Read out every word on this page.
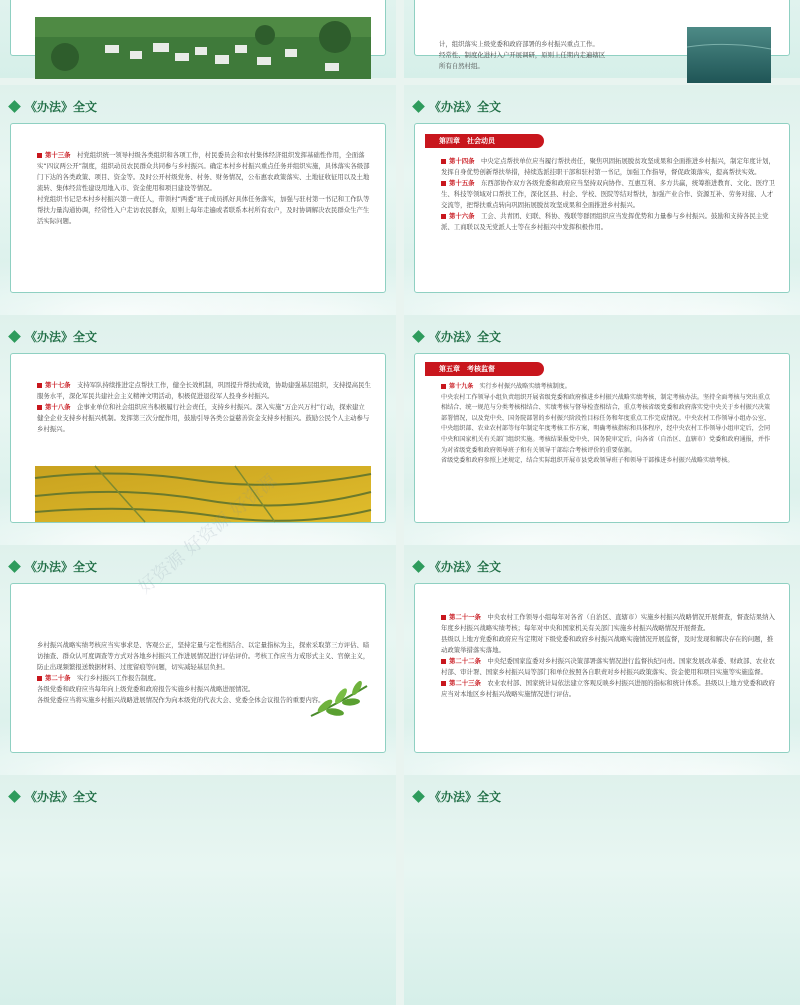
计，组织落实上级党委和政府部署的乡村振兴重点工作。

经常性、制度化进村入户开展调研，原则上任期内走遍辖区

所有自然村组。

《办法》全文

第十三条　 村党组织统一领导村级各类组织和各项工作，村民委员会和农村集体经济组织发挥基础性作用，全面落实“四议两公开”制度，组织动员农民群众共同参与乡村振兴。确定本村乡村振兴重点任务并组织实施，具体落实各级部门下达的各类政策、项目、资金等。及时公开村级党务、村务、财务情况，公布惠农政策落实、土地征收征用以及土地流转、集体经营性建设用地入市、资金使用和项目建设等情况。

村党组织书记是本村乡村振兴第一责任人，带领村“两委”班子成员抓好具体任务落实，加强与驻村第一书记和工作队等帮扶力量沟通协调，经常性入户走访农民群众，原则上每年走遍或者联系本村所有农户，及时协调解决农民群众生产生活实际问题。

《办法》全文
第四章　社会动员

第十四条　 中央定点帮扶单位应当履行帮扶责任，聚焦巩固拓展脱贫攻坚成果和全面推进乡村振兴，制定年度计划，发挥自身优势创新帮扶举措，持续选派挂职干部和驻村第一书记，加强工作指导，督促政策落实，提高帮扶实效。

第十五条　 东西部协作双方各级党委和政府应当坚持双向协作、互惠互利、多方共赢，统筹推进教育、文化、医疗卫生、科技等领域对口帮扶工作，深化区县、村企、学校、医院等结对帮扶，加强产业合作、资源互补、劳务对接、人才交流等，把帮扶重点转向巩固拓展脱贫攻坚成果和全面推进乡村振兴。

第十六条　 工会、共青团、妇联、科协、残联等群团组织应当发挥优势和力量参与乡村振兴。鼓励和支持各民主党派、工商联以及无党派人士等在乡村振兴中发挥积极作用。

《办法》全文

第十七条　 支持军队持续推进定点帮扶工作，健全长效机制，巩固提升帮扶成效，协助建强基层组织，支持提高民生服务水平，深化军民共建社会主义精神文明活动，积极促进退役军人投身乡村振兴。

第十八条　 企事业单位和社会组织应当积极履行社会责任，支持乡村振兴。深入实施“万企兴万村”行动，探索建立健全企业支持乡村振兴机制。发挥第三次分配作用，鼓励引导各类公益慈善资金支持乡村振兴。鼓励公民个人主动参与乡村振兴。

《办法》全文
第五章　考核监督

第十九条　 实行乡村振兴战略实绩考核制度。

中央农村工作领导小组负责组织开展省级党委和政府推进乡村振兴战略实绩考核，制定考核办法。坚持全面考核与突出重点相结合、统一规范与分类考核相结合、实绩考核与督导检查相结合，重点考核省级党委和政府落实党中央关于乡村振兴决策部署情况，以及党中央、国务院部署的乡村振兴阶段性目标任务和年度重点工作完成情况。中央农村工作领导小组办公室、中央组织部、农业农村部等每年制定年度考核工作方案，明确考核指标和具体程序，经中央农村工作领导小组审定后，会同中央和国家机关有关部门组织实施。考核结果报党中央、国务院审定后，向各省（自治区、直辖市）党委和政府通报，并作为对省级党委和政府领导班子和有关领导干部综合考核评价的重要依据。

省级党委和政府参照上述规定，结合实际组织开展市县党政领导班子和领导干部推进乡村振兴战略实绩考核。

《办法》全文

乡村振兴战略实绩考核应当实事求是、客观公正，坚持定量与定性相结合、以定量指标为主，探索采取第三方评估、暗访抽查、群众认可度调查等方式对各地乡村振兴工作进展情况进行评估评价。考核工作应当力戒形式主义、官僚主义，防止出现频繁报送数据材料、过度留痕等问题，切实减轻基层负担。

第二十条　 实行乡村振兴工作报告制度。

各级党委和政府应当每年向上级党委和政府报告实施乡村振兴战略进展情况。

各级党委应当将实施乡村振兴战略进展情况作为向本级党的代表大会、党委全体会议报告的重要内容。

《办法》全文

第二十一条　 中央农村工作领导小组每年对各省（自治区、直辖市）实施乡村振兴战略情况开展督查，督查结果纳入年度乡村振兴战略实绩考核；每年对中央和国家机关有关部门实施乡村振兴战略情况开展督查。

县级以上地方党委和政府应当定期对下级党委和政府乡村振兴战略实施情况开展监督，及时发现和解决存在的问题，推动政策举措落实落地。

第二十二条　 中央纪委国家监委对乡村振兴决策部署落实情况进行监督执纪问责。国家发展改革委、财政部、农业农村部、审计署、国家乡村振兴局等部门和单位按照各自职责对乡村振兴政策落实、资金使用和项目实施等实施监督。

第二十三条　 农业农村部、国家统计局依法建立客观反映乡村振兴进展的指标和统计体系。县级以上地方党委和政府应当对本地区乡村振兴战略实施情况进行评估。

《办法》全文	《办法》全文
